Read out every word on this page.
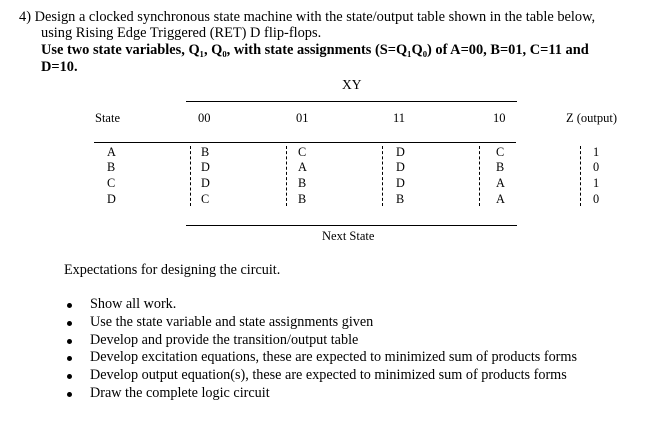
4) Design a clocked synchronous state machine with the state/output table shown in the table below,
using Rising Edge Triggered (RET) D flip-flops.
Use two state variables, Q₁, Q₀, with state assignments (S=Q₁Q₀) of A=00, B=01, C=11 and
D=10.
XY
State	00	01	11	10	Z (output)
A	B	C	D	C	1
B	D	A	D	B	0
C	D	B	D	A	1
D	C	B	B	A	0
Next State
Expectations for designing the circuit.
Show all work.
Use the state variable and state assignments given
Develop and provide the transition/output table
Develop excitation equations, these are expected to minimized sum of products forms
Develop output equation(s), these are expected to minimized sum of products forms
Draw the complete logic circuit
